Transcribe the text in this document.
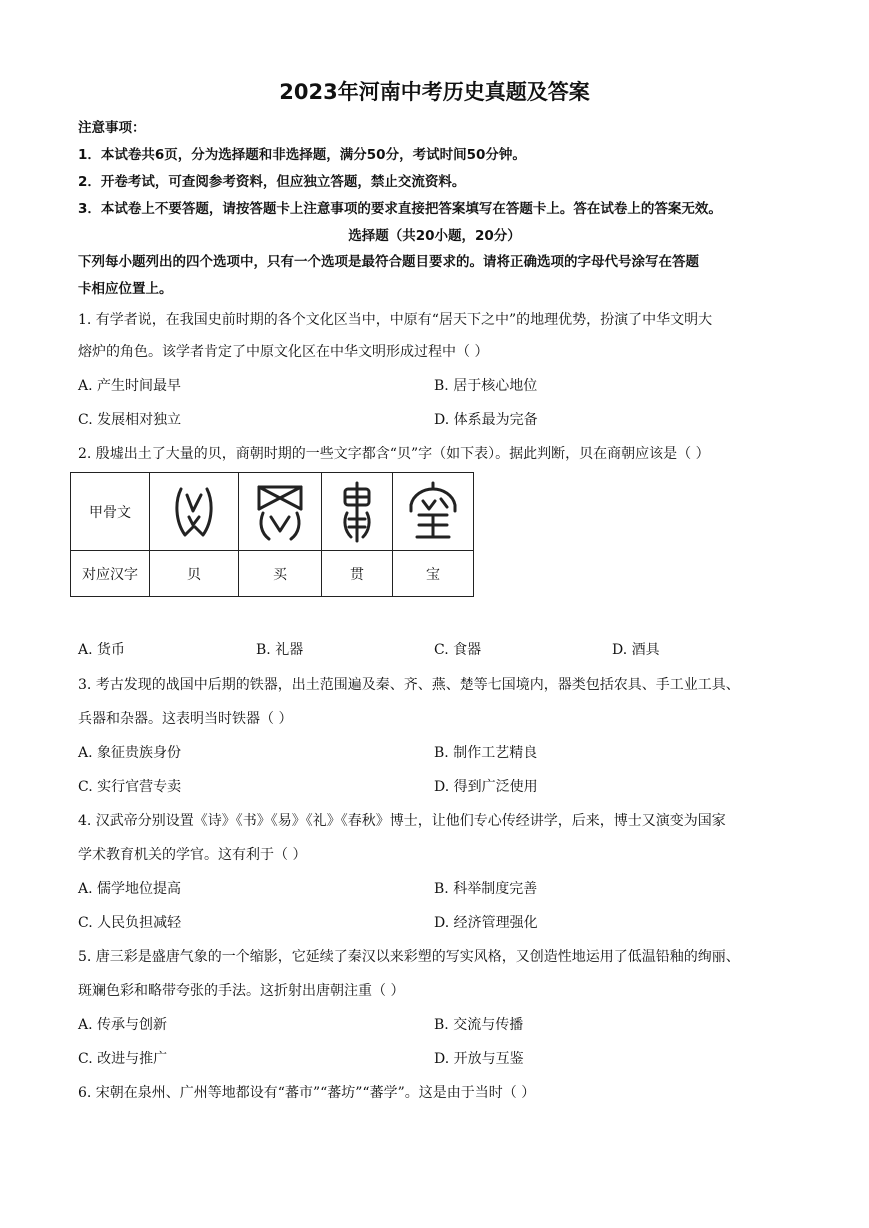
2023年河南中考历史真题及答案
注意事项：
1．本试卷共6页，分为选择题和非选择题，满分50分，考试时间50分钟。
2．开卷考试，可查阅参考资料，但应独立答题，禁止交流资料。
3．本试卷上不要答题，请按答题卡上注意事项的要求直接把答案填写在答题卡上。答在试卷上的答案无效。
选择题（共20小题，20分）
下列每小题列出的四个选项中，只有一个选项是最符合题目要求的。请将正确选项的字母代号涂写在答题
卡相应位置上。
1. 有学者说，在我国史前时期的各个文化区当中，中原有“居天下之中”的地理优势，扮演了中华文明大
熔炉的角色。该学者肯定了中原文化区在中华文明形成过程中（ ）
A. 产生时间最早	B. 居于核心地位
C. 发展相对独立	D. 体系最为完备
2. 殷墟出土了大量的贝，商朝时期的一些文字都含“贝”字（如下表）。据此判断，贝在商朝应该是（ ）
甲骨文	

对应汉字	贝	买	贯	宝
A. 货币	B. 礼器	C. 食器	D. 酒具
3. 考古发现的战国中后期的铁器，出土范围遍及秦、齐、燕、楚等七国境内，器类包括农具、手工业工具、
兵器和杂器。这表明当时铁器（ ）
A. 象征贵族身份	B. 制作工艺精良
C. 实行官营专卖	D. 得到广泛使用
4. 汉武帝分别设置《诗》《书》《易》《礼》《春秋》博士，让他们专心传经讲学，后来，博士又演变为国家
学术教育机关的学官。这有利于（ ）
A. 儒学地位提高	B. 科举制度完善
C. 人民负担减轻	D. 经济管理强化
5. 唐三彩是盛唐气象的一个缩影，它延续了秦汉以来彩塑的写实风格，又创造性地运用了低温铅釉的绚丽、
斑斓色彩和略带夸张的手法。这折射出唐朝注重（ ）
A. 传承与创新	B. 交流与传播
C. 改进与推广	D. 开放与互鉴
6. 宋朝在泉州、广州等地都设有“蕃市”“蕃坊”“蕃学”。这是由于当时（ ）
